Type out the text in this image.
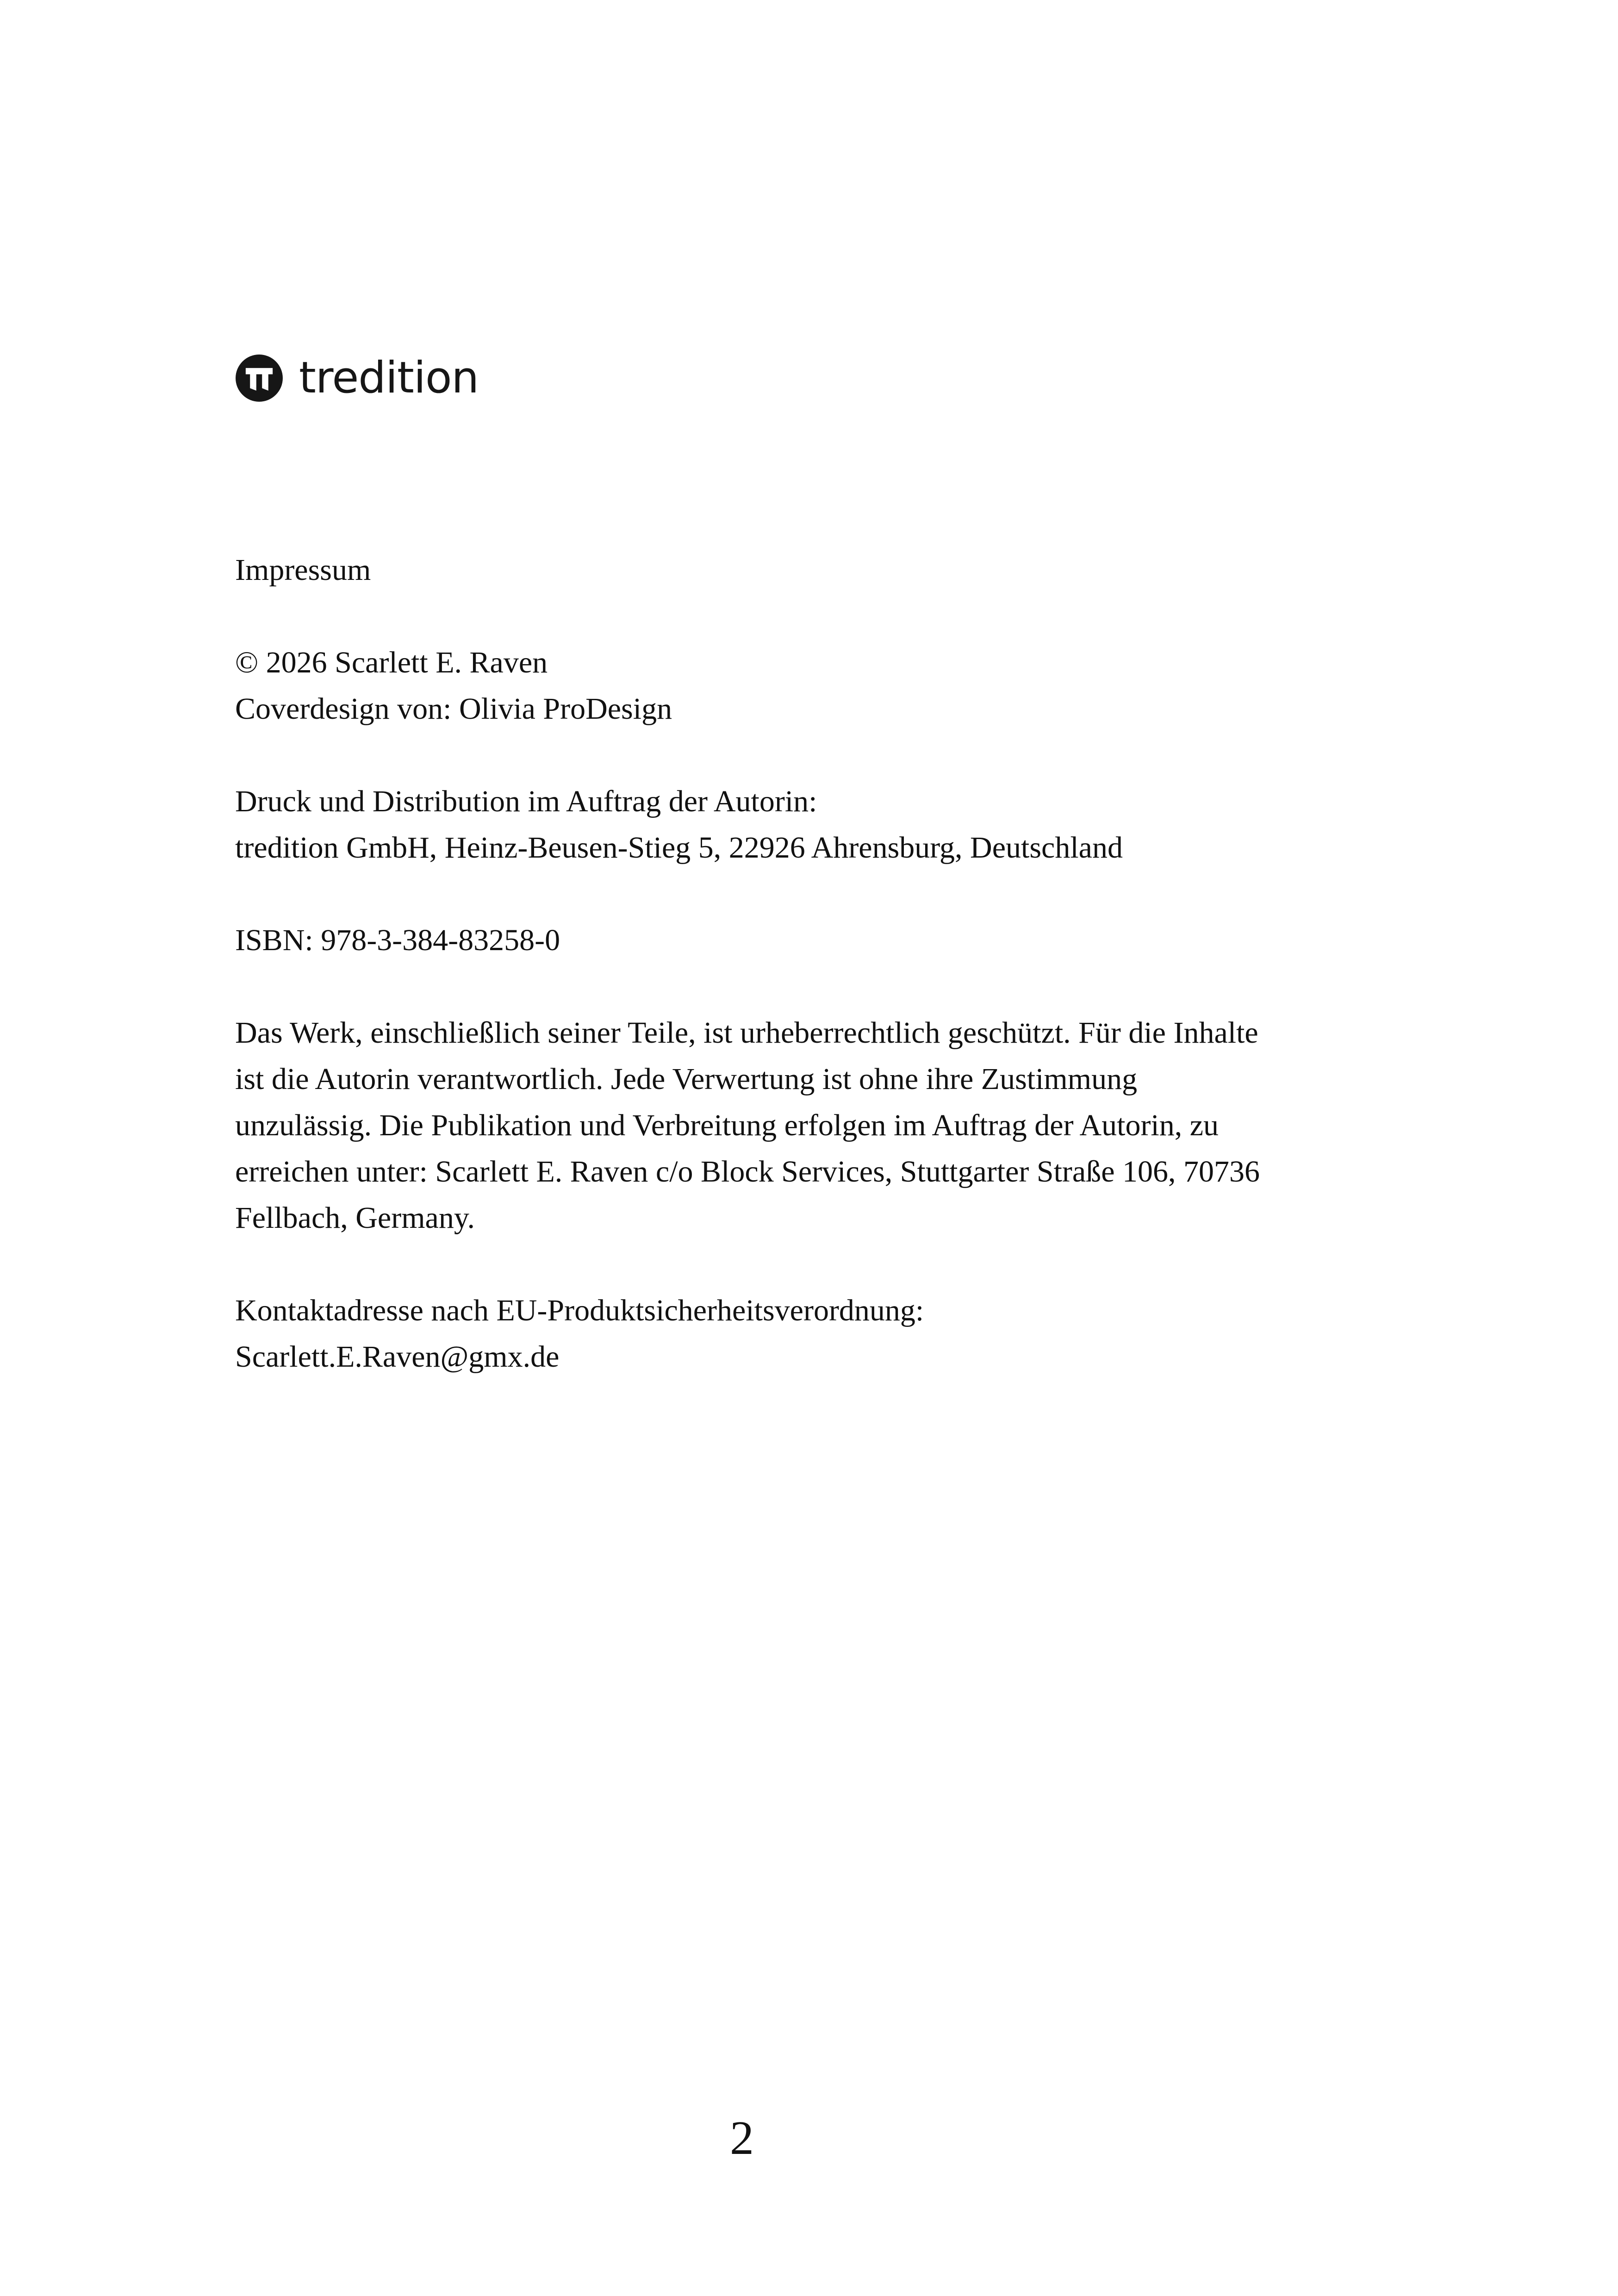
tredition

Impressum

© 2026 Scarlett E. Raven
Coverdesign von: Olivia ProDesign

Druck und Distribution im Auftrag der Autorin:
tredition GmbH, Heinz-Beusen-Stieg 5, 22926 Ahrensburg, Deutschland

ISBN: 978-3-384-83258-0

Das Werk, einschließlich seiner Teile, ist urheberrechtlich geschützt. Für die Inhalte
ist die Autorin verantwortlich. Jede Verwertung ist ohne ihre Zustimmung
unzulässig. Die Publikation und Verbreitung erfolgen im Auftrag der Autorin, zu
erreichen unter: Scarlett E. Raven c/o Block Services, Stuttgarter Straße 106, 70736
Fellbach, Germany.

Kontaktadresse nach EU-Produktsicherheitsverordnung:
Scarlett.E.Raven@gmx.de

2
